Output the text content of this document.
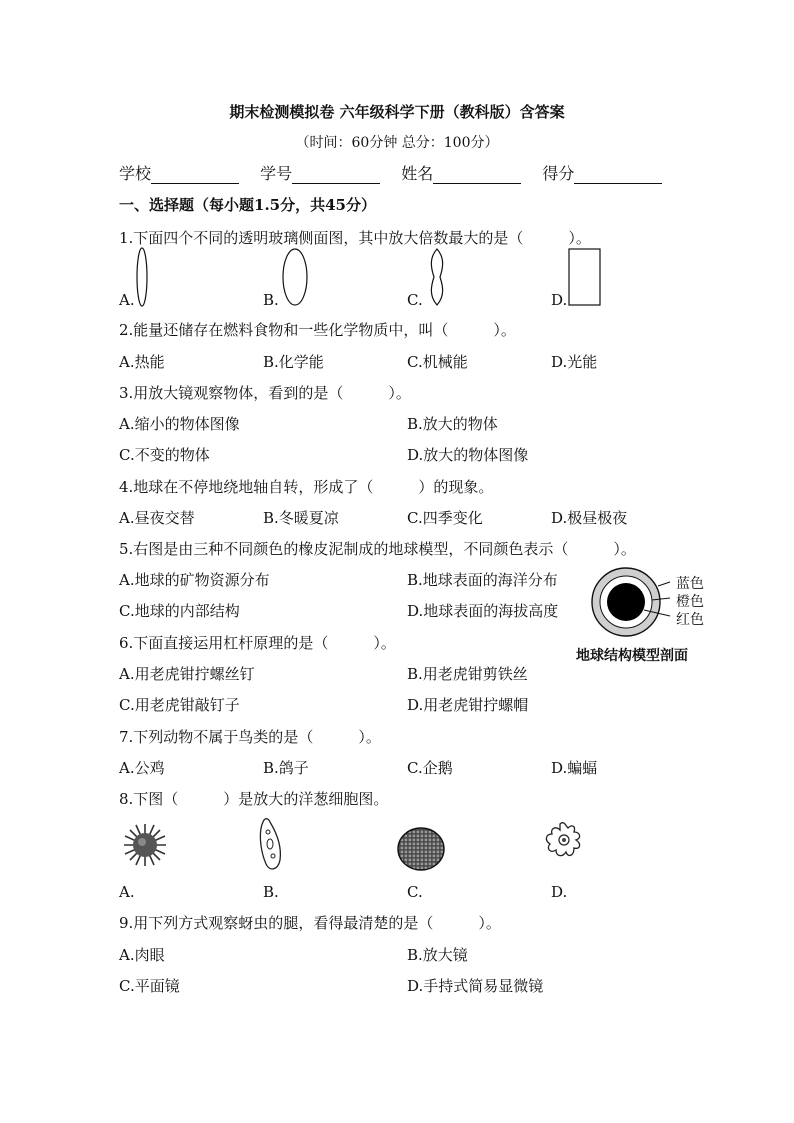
期末检测模拟卷 六年级科学下册（教科版）含答案
（时间：60分钟 总分：100分）
学校	学号	姓名	得分
一、选择题（每小题1.5分，共45分）
1.下面四个不同的透明玻璃侧面图，其中放大倍数最大的是（　　　）。
A.	B.	C.	D.
2.能量还储存在燃料食物和一些化学物质中，叫（　　　）。
A.热能	B.化学能	C.机械能	D.光能
3.用放大镜观察物体，看到的是（　　　）。
A.缩小的物体图像	B.放大的物体
C.不变的物体	D.放大的物体图像
4.地球在不停地绕地轴自转，形成了（　　　）的现象。
A.昼夜交替	B.冬暖夏凉	C.四季变化	D.极昼极夜
5.右图是由三种不同颜色的橡皮泥制成的地球模型，不同颜色表示（　　　）。
A.地球的矿物资源分布	B.地球表面的海洋分布
C.地球的内部结构	D.地球表面的海拔高度
蓝色
橙色
红色
地球结构模型剖面
6.下面直接运用杠杆原理的是（　　　）。
A.用老虎钳拧螺丝钉	B.用老虎钳剪铁丝
C.用老虎钳敲钉子	D.用老虎钳拧螺帽
7.下列动物不属于鸟类的是（　　　）。
A.公鸡	B.鸽子	C.企鹅	D.蝙蝠
8.下图（　　　）是放大的洋葱细胞图。
A.	B.	C.	D.
9.用下列方式观察蚜虫的腿，看得最清楚的是（　　　）。
A.肉眼	B.放大镜
C.平面镜	D.手持式简易显微镜
